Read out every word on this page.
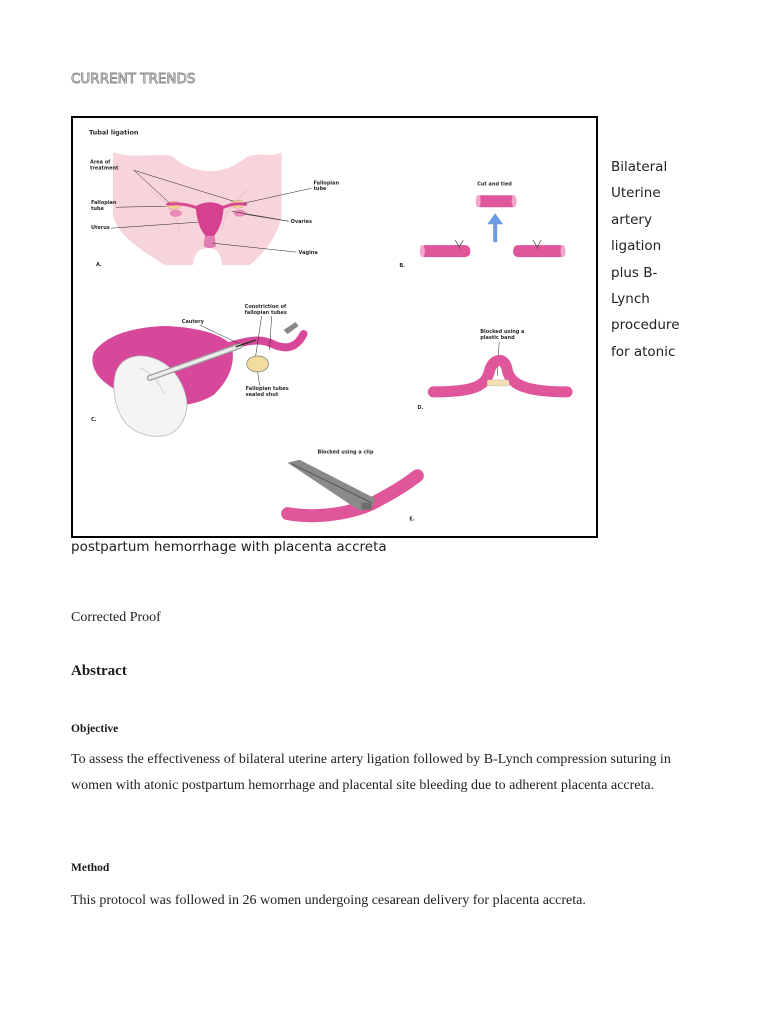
CURRENT TRENDS
Tubal ligation
Area of
treatment
Fallopian
tube
Fallopian
tube
Ovaries
Uterus
Vagina
A.
Cut and tied
B.
Cautery
Constriction of
fallopian tubes
Fallopian tubes
sealed shut
C.
Blocked using a
plastic band
D.
Blocked using a clip
E.
Bilateral Uterine artery ligation plus B-Lynch procedure for atonic
postpartum hemorrhage with placenta accreta
Corrected Proof
Abstract
Objective

To assess the effectiveness of bilateral uterine artery ligation followed by B-Lynch compression suturing in women with atonic postpartum hemorrhage and placental site bleeding due to adherent placenta accreta.

Method

This protocol was followed in 26 women undergoing cesarean delivery for placenta accreta.
